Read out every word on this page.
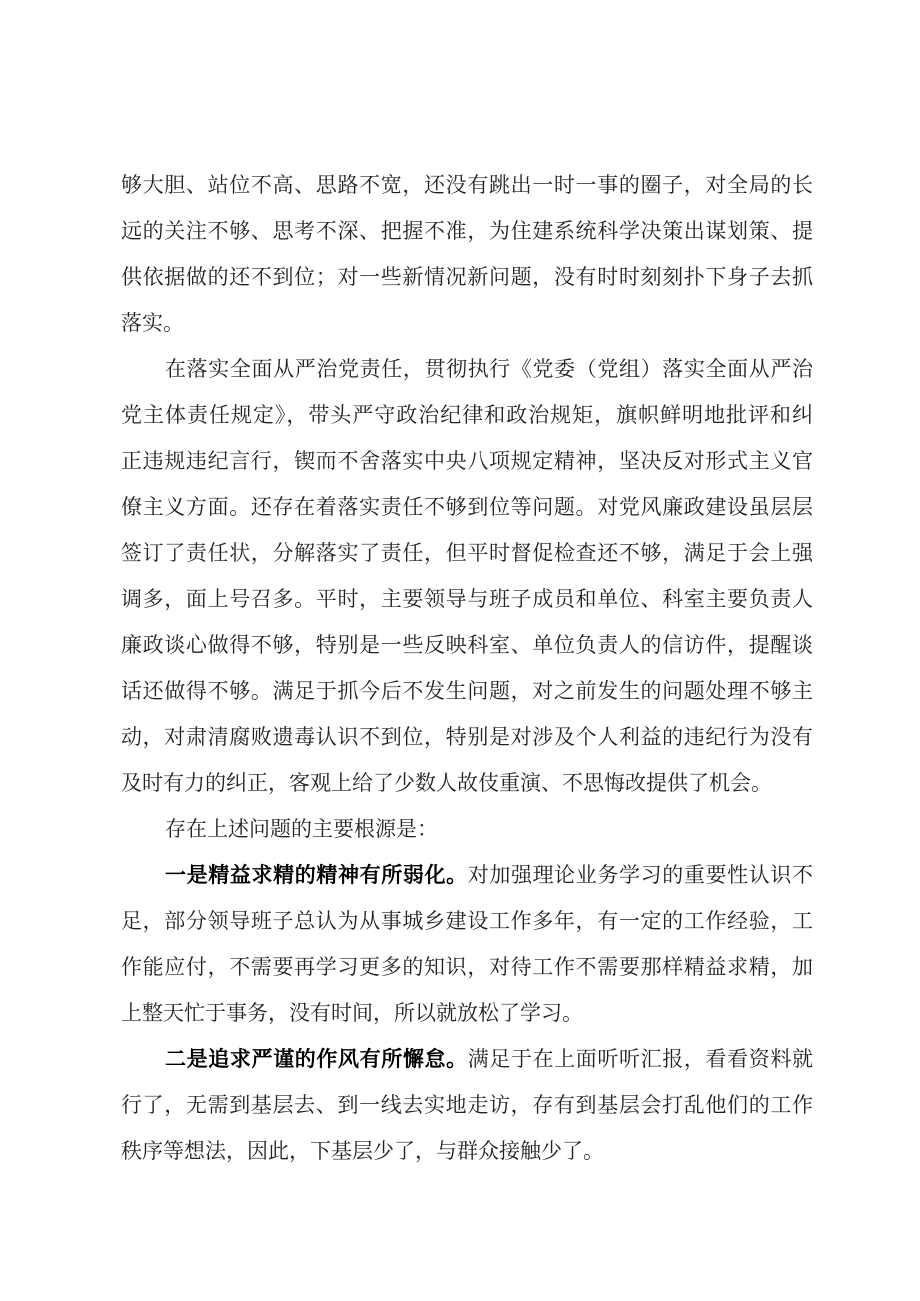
够大胆、站位不高、思路不宽，还没有跳出一时一事的圈子，对全局的长
远的关注不够、思考不深、把握不准，为住建系统科学决策出谋划策、提
供依据做的还不到位；对一些新情况新问题，没有时时刻刻扑下身子去抓
落实。
在落实全面从严治党责任，贯彻执行《党委（党组）落实全面从严治
党主体责任规定》，带头严守政治纪律和政治规矩，旗帜鲜明地批评和纠
正违规违纪言行，锲而不舍落实中央八项规定精神，坚决反对形式主义官
僚主义方面。还存在着落实责任不够到位等问题。对党风廉政建设虽层层
签订了责任状，分解落实了责任，但平时督促检查还不够，满足于会上强
调多，面上号召多。平时，主要领导与班子成员和单位、科室主要负责人
廉政谈心做得不够，特别是一些反映科室、单位负责人的信访件，提醒谈
话还做得不够。满足于抓今后不发生问题，对之前发生的问题处理不够主
动，对肃清腐败遗毒认识不到位，特别是对涉及个人利益的违纪行为没有
及时有力的纠正，客观上给了少数人故伎重演、不思悔改提供了机会。
存在上述问题的主要根源是：
一是精益求精的精神有所弱化。对加强理论业务学习的重要性认识不
足，部分领导班子总认为从事城乡建设工作多年，有一定的工作经验，工
作能应付，不需要再学习更多的知识，对待工作不需要那样精益求精，加
上整天忙于事务，没有时间，所以就放松了学习。
二是追求严谨的作风有所懈怠。满足于在上面听听汇报，看看资料就
行了，无需到基层去、到一线去实地走访，存有到基层会打乱他们的工作
秩序等想法，因此，下基层少了，与群众接触少了。
